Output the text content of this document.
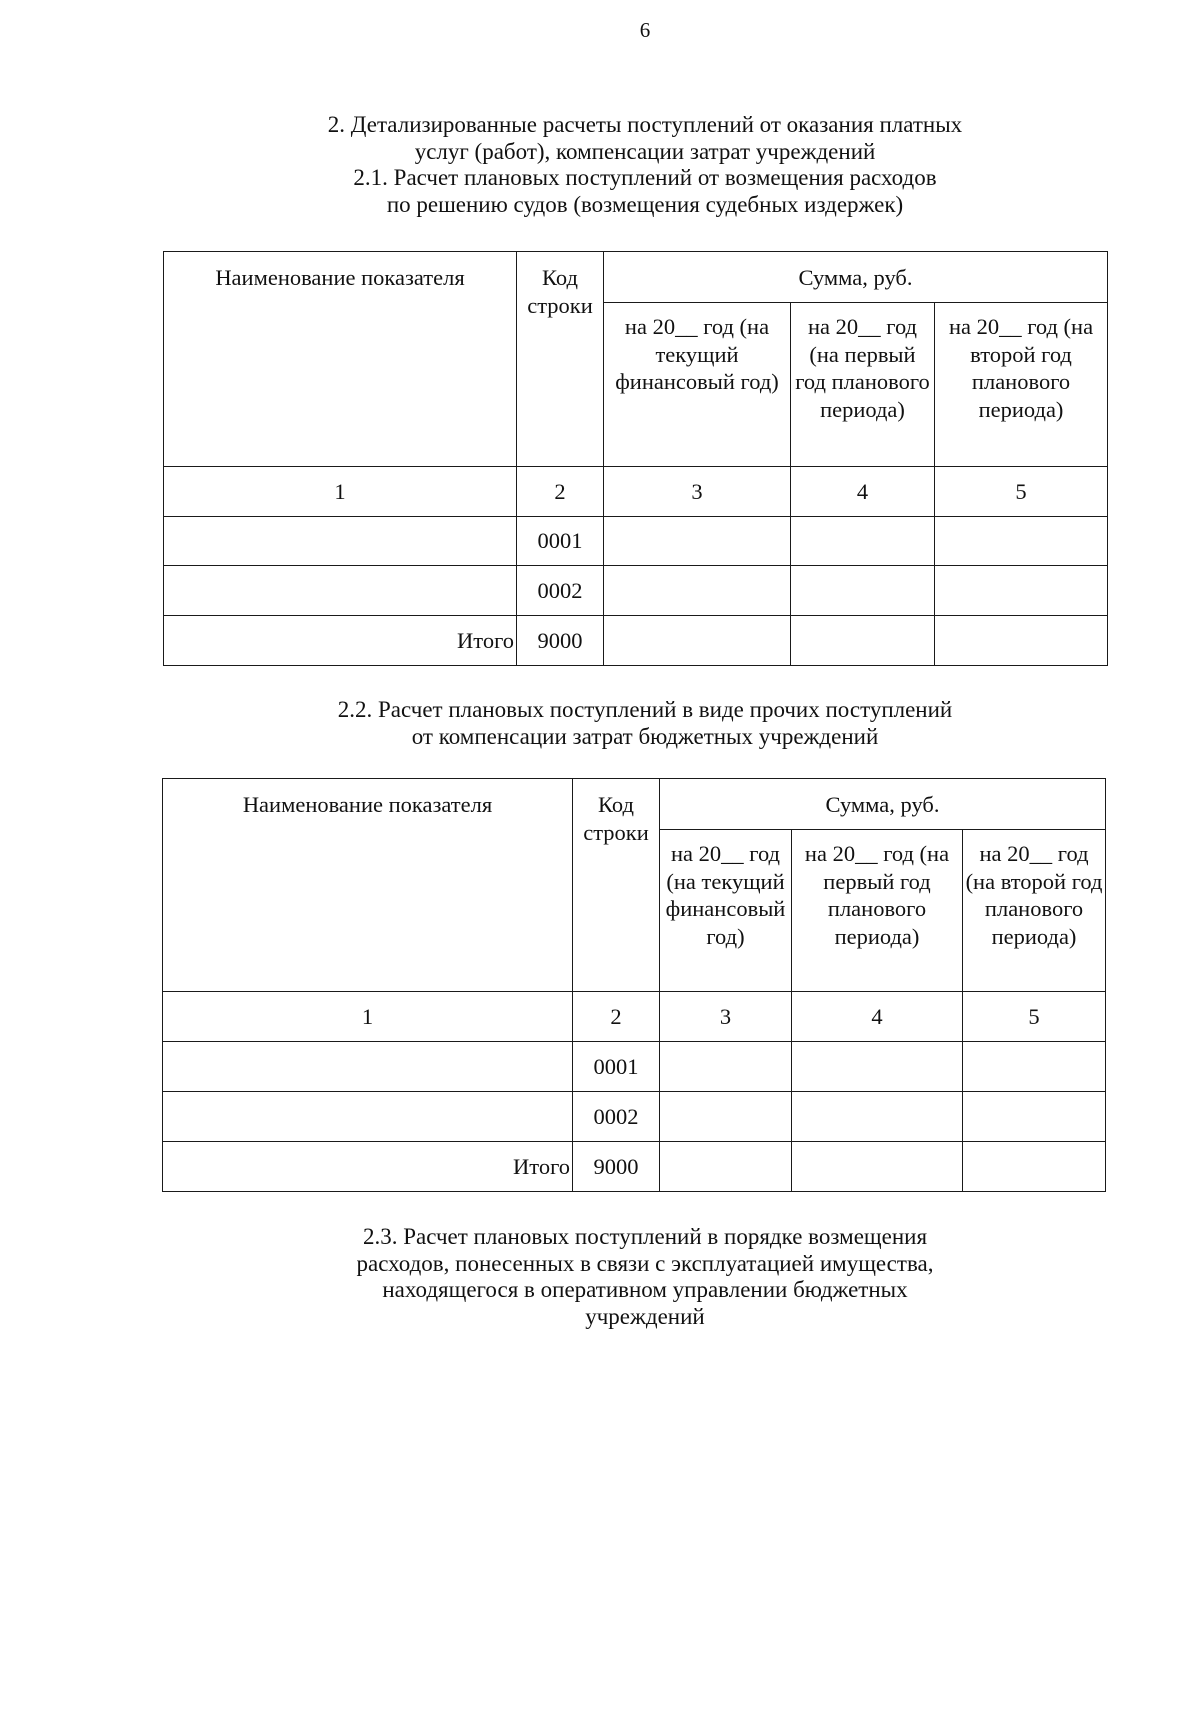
6
2. Детализированные расчеты поступлений от оказания платных
услуг (работ), компенсации затрат учреждений
2.1. Расчет плановых поступлений от возмещения расходов
по решению судов (возмещения судебных издержек)
Наименование показателя	Код строки	Сумма, руб.		
		на 20__ год (на текущий финансовый год)	на 20__ год (на первый год планового периода)	на 20__ год (на второй год планового периода)
1	2	3	4	5
	0001			
	0002			
Итого	9000			
2.2. Расчет плановых поступлений в виде прочих поступлений
от компенсации затрат бюджетных учреждений
Наименование показателя	Код строки	Сумма, руб.		
		на 20__ год (на текущий финансовый год)	на 20__ год (на первый год планового периода)	на 20__ год (на второй год планового периода)
1	2	3	4	5
	0001			
	0002			
Итого	9000			
2.3. Расчет плановых поступлений в порядке возмещения
расходов, понесенных в связи с эксплуатацией имущества,
находящегося в оперативном управлении бюджетных
учреждений
